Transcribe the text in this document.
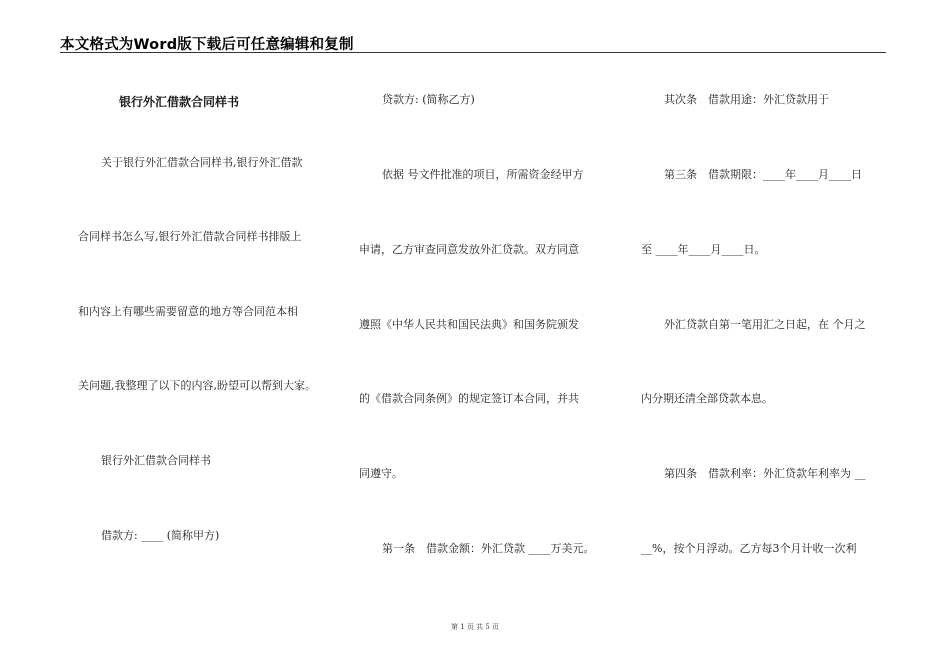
本文格式为Word版下载后可任意编辑和复制
银行外汇借款合同样书
关于银行外汇借款合同样书,银行外汇借款
合同样书怎么写,银行外汇借款合同样书排版上
和内容上有哪些需要留意的地方等合同范本相
关问题,我整理了以下的内容,盼望可以帮到大家。
银行外汇借款合同样书
借款方: ____ (简称甲方)
贷款方: (简称乙方)
依据 号文件批准的项目，所需资金经甲方
申请，乙方审查同意发放外汇贷款。双方同意
遵照《中华人民共和国民法典》和国务院颁发
的《借款合同条例》的规定签订本合同，并共
同遵守。
第一条　借款金额：外汇贷款 ____万美元。
其次条　借款用途：外汇贷款用于
第三条　借款期限：____年____月____日
至 ____年____月____日。
外汇贷款自第一笔用汇之日起，在 个月之
内分期还清全部贷款本息。
第四条　借款利率：外汇贷款年利率为 __
__%，按个月浮动。乙方每3个月计收一次利
第 1 页 共 5 页
